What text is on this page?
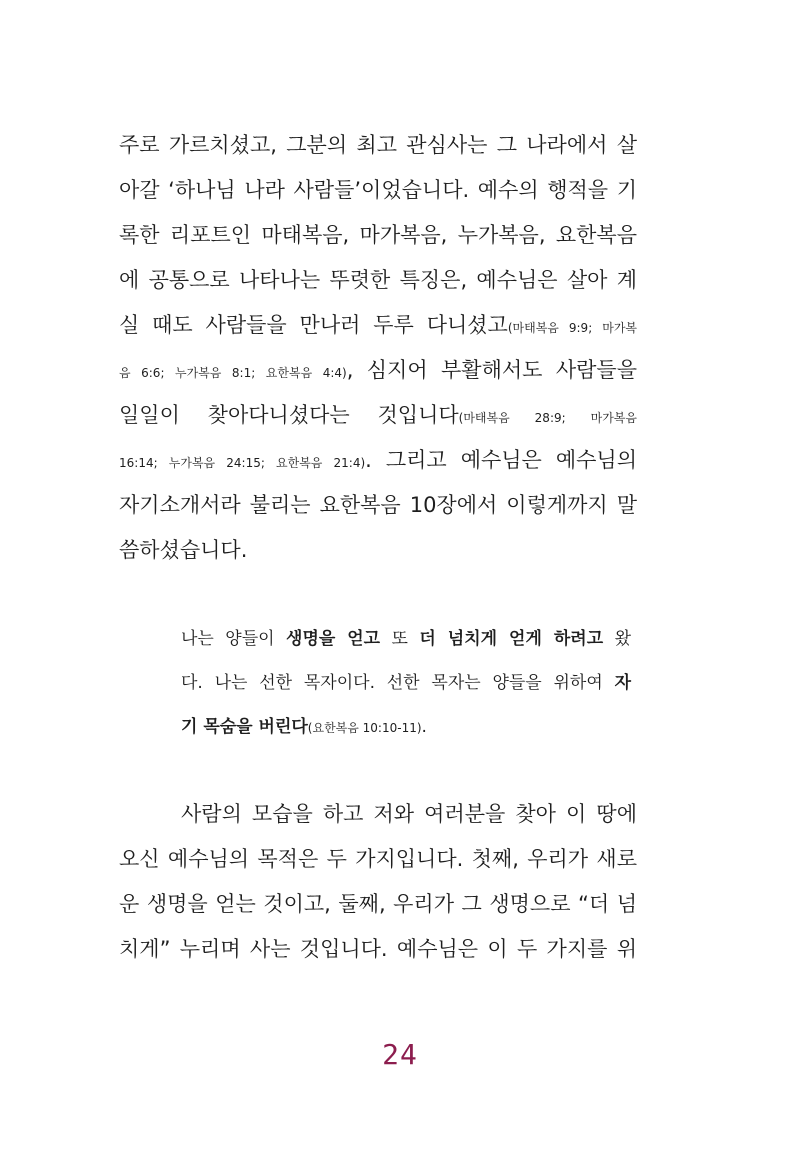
주로 가르치셨고, 그분의 최고 관심사는 그 나라에서 살
아갈 ‘하나님 나라 사람들’이었습니다. 예수의 행적을 기
록한 리포트인 마태복음, 마가복음, 누가복음, 요한복음
에 공통으로 나타나는 뚜렷한 특징은, 예수님은 살아 계
실 때도 사람들을 만나러 두루 다니셨고(마태복음 9:9; 마가복
음 6:6; 누가복음 8:1; 요한복음 4:4), 심지어 부활해서도 사람들을
일일이 찾아다니셨다는 것입니다(마태복음 28:9; 마가복음
16:14; 누가복음 24:15; 요한복음 21:4). 그리고 예수님은 예수님의
자기소개서라 불리는 요한복음 10장에서 이렇게까지 말
씀하셨습니다.
나는 양들이 생명을 얻고 또 더 넘치게 얻게 하려고 왔
다. 나는 선한 목자이다. 선한 목자는 양들을 위하여 자
기 목숨을 버린다(요한복음 10:10-11).
사람의 모습을 하고 저와 여러분을 찾아 이 땅에
오신 예수님의 목적은 두 가지입니다. 첫째, 우리가 새로
운 생명을 얻는 것이고, 둘째, 우리가 그 생명으로 “더 넘
치게” 누리며 사는 것입니다. 예수님은 이 두 가지를 위
24
